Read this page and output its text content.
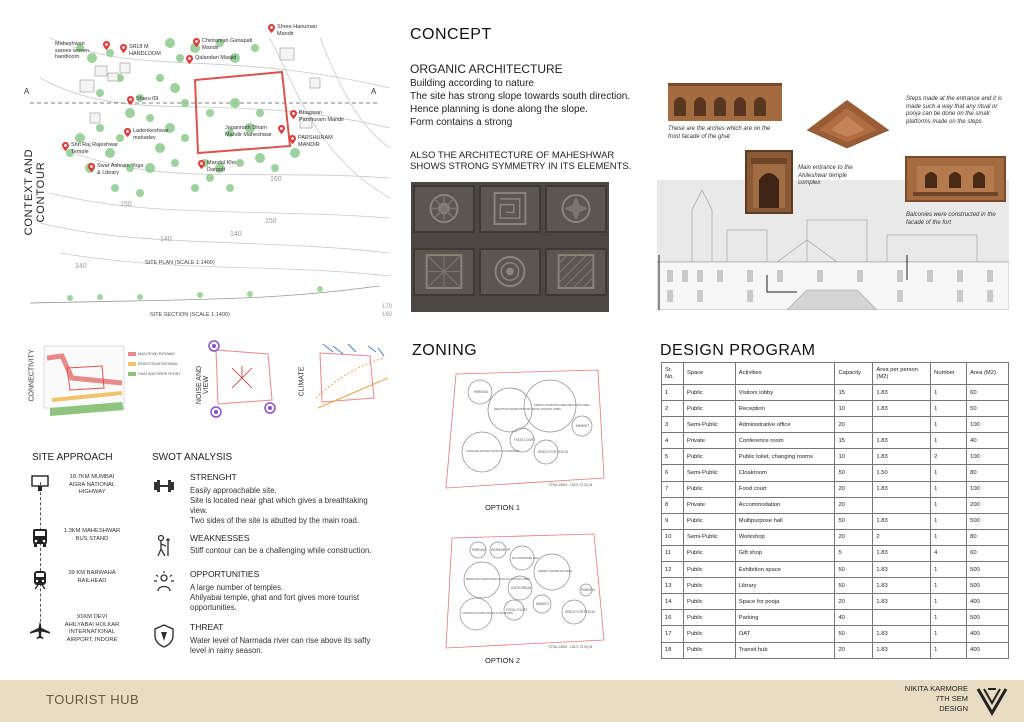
A	A
160
150
150
140
140
140
170
160
CONTEXT AND CONTOUR
Shree Hanuman Mandir
Maheshwari sarees woven handloom
SRIJI M HANDLOOM
Chintaman Ganapati Mandir
Qalandari Masjid
Sharu 09
Bhagwan Parshuram Mandir
Ladenkeshwar mahadev
Shri Raj Rajeshwar Temple
Jagannath Dham Mandir Maheshwar
PARSHURAM MANDIR
Swar Ashram Yoga & Library
Mandal Kho Dargah
SITE PLAN (SCALE 1:1400)
SITE SECTION (SCALE 1:1400)
CONNECTIVITY	MAIN ROAD PATHWAY
PEDESTRIAN PATHWAY
GHAT AND RIVER FRONT NOISE AND VIEW	CLIMATE
SITE APPROACH
18.7KM MUMBAI AGRA NATIONAL HIGHWAY
1.3KM MAHESHWAR BUS STAND
39 KM BARWAHA RAILHEAD
91KM DEVI AHILYABAI HOLKAR INTERNATIONAL AIRPORT, INDORE
SWOT ANALYSIS
STRENGHT
Easily approachable site.
Site is located near ghat which gives a breathtaking
view.
Two sides of the site is abutted by the main road.
WEAKNESSES
Stiff contour can be a challenging while construction.
OPPORTUNITIES
A large number of temples.
Ahilyabai temple, ghat and fort gives more tourist
opportunities.
THREAT
Water level of Narmada river can rise above its safty
level in rainy season.
CONCEPT
ORGANIC ARCHITECTURE
Building according to nature
The site has strong slope towards south direction.
Hence planning is done along the slope.
Form contains a strong
ALSO THE ARCHITECTURE OF MAHESHWAR
SHOWS STRONG SYMMETRY IN ITS ELEMENTS.
These are the arches which are on the front facade of the ghat
Steps made at the entrance and it is made such a way that any ritual or pooja can be done on the small platforms made on the steps
Main entrance to the Ahileshwar temple complex
Balconies were constructed in the facade of the fort
ZONING
PARKING
RECEPTION ADMINISTRATIVE OFFICE VISITORS LOBBY
LIBRARY EXHIBITION AREA MEDITATION AREA
MARKET
FOOD COURT
CHANGING ROOMS TOILETS CLOAKROOMS	SPACE FOR POOJA
TOTAL AREA - 13671.73 SQ.M
OPTION 1
PARKING WORKSHOP
MULTIPURPOSE HALL
RECEPTION ADMINISTRATIVE OFFICE VISITORS LOBBY
LIBRARY EXHIBITION AREA
AUDITORIUM
CHANGING ROOMS TOILETS CLOAKROOMS
FOOD COURT
MARKET
SPACE FOR POOJA
PARKING
TOTAL AREA - 13671.73 SQ.M
OPTION 2
DESIGN PROGRAM
Sr. No.	Space	Activities	Capacity	Area per person (M2)	Number	Area (M2)
1	Public	Visitors lobby	15	1.83	1	60
2	Public	Reception	10	1.83	1	50
3	Semi-Public	Administrative office	20		1	100
4	Private	Conference room	15	1.83	1	40
5	Public	Public toilet, changing rooms	10	1.83	2	100
6	Semi-Public	Cloakroom	50	1.50	1	80
7	Public	Food court	20	1.83	1	100
8	Private	Accommodation	20		1	200
9	Public	Multipurpose hall	50	1.83	1	500
10	Semi-Public	Workshop	20	2	1	80
11	Public	Gift shop	5	1.83	4	60
12	Public	Exhibition space	50	1.83	1	500
13	Public	Library	50	1.83	1	500
14	Public	Space for pooja	20	1.83	1	400
16	Public	Parking	40		1	500
17	Public	OAT	50	1.83	1	400
18	Public	Transit hub	20	1.83	1	400
TOURIST HUB
NIKITA KARMORE
7TH SEM
DESIGN
